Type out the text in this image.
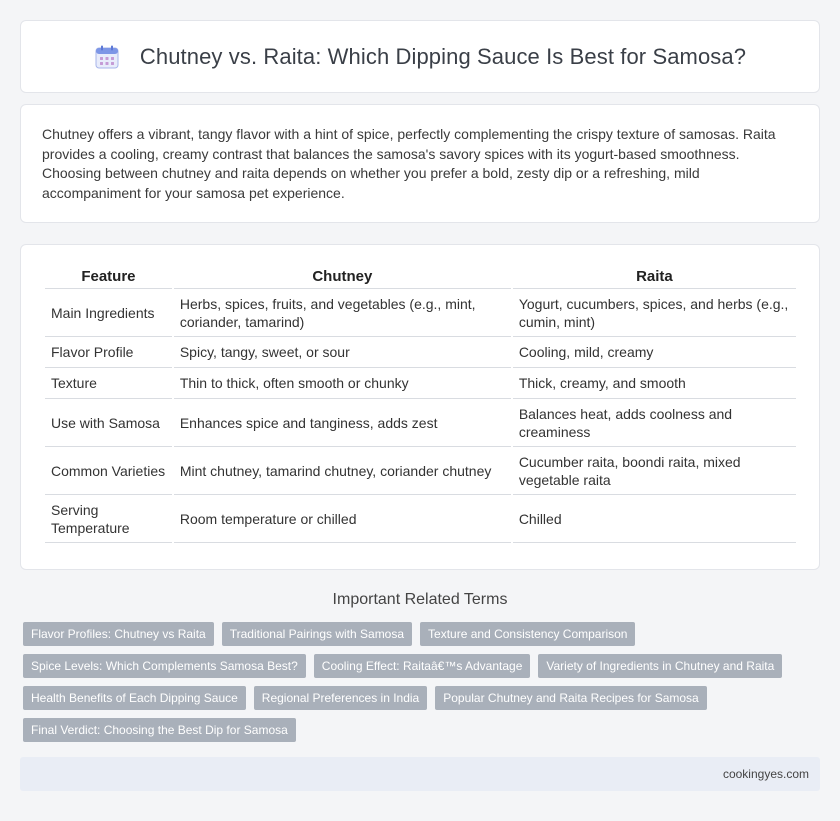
Chutney vs. Raita: Which Dipping Sauce Is Best for Samosa?

Chutney offers a vibrant, tangy flavor with a hint of spice, perfectly complementing the crispy texture of samosas. Raita provides a cooling, creamy contrast that balances the samosa's savory spices with its yogurt-based smoothness. Choosing between chutney and raita depends on whether you prefer a bold, zesty dip or a refreshing, mild accompaniment for your samosa pet experience.

Feature	Chutney	Raita
Main Ingredients	Herbs, spices, fruits, and vegetables (e.g., mint, coriander, tamarind)	Yogurt, cucumbers, spices, and herbs (e.g., cumin, mint)
Flavor Profile	Spicy, tangy, sweet, or sour	Cooling, mild, creamy
Texture	Thin to thick, often smooth or chunky	Thick, creamy, and smooth
Use with Samosa	Enhances spice and tanginess, adds zest	Balances heat, adds coolness and creaminess
Common Varieties	Mint chutney, tamarind chutney, coriander chutney	Cucumber raita, boondi raita, mixed vegetable raita
Serving Temperature	Room temperature or chilled	Chilled
Important Related Terms
Flavor Profiles: Chutney vs Raita	Traditional Pairings with Samosa	Texture and Consistency Comparison
Spice Levels: Which Complements Samosa Best?	Cooling Effect: Raitaâ€™s Advantage	Variety of Ingredients in Chutney and Raita
Health Benefits of Each Dipping Sauce	Regional Preferences in India	Popular Chutney and Raita Recipes for Samosa
Final Verdict: Choosing the Best Dip for Samosa
cookingyes.com
